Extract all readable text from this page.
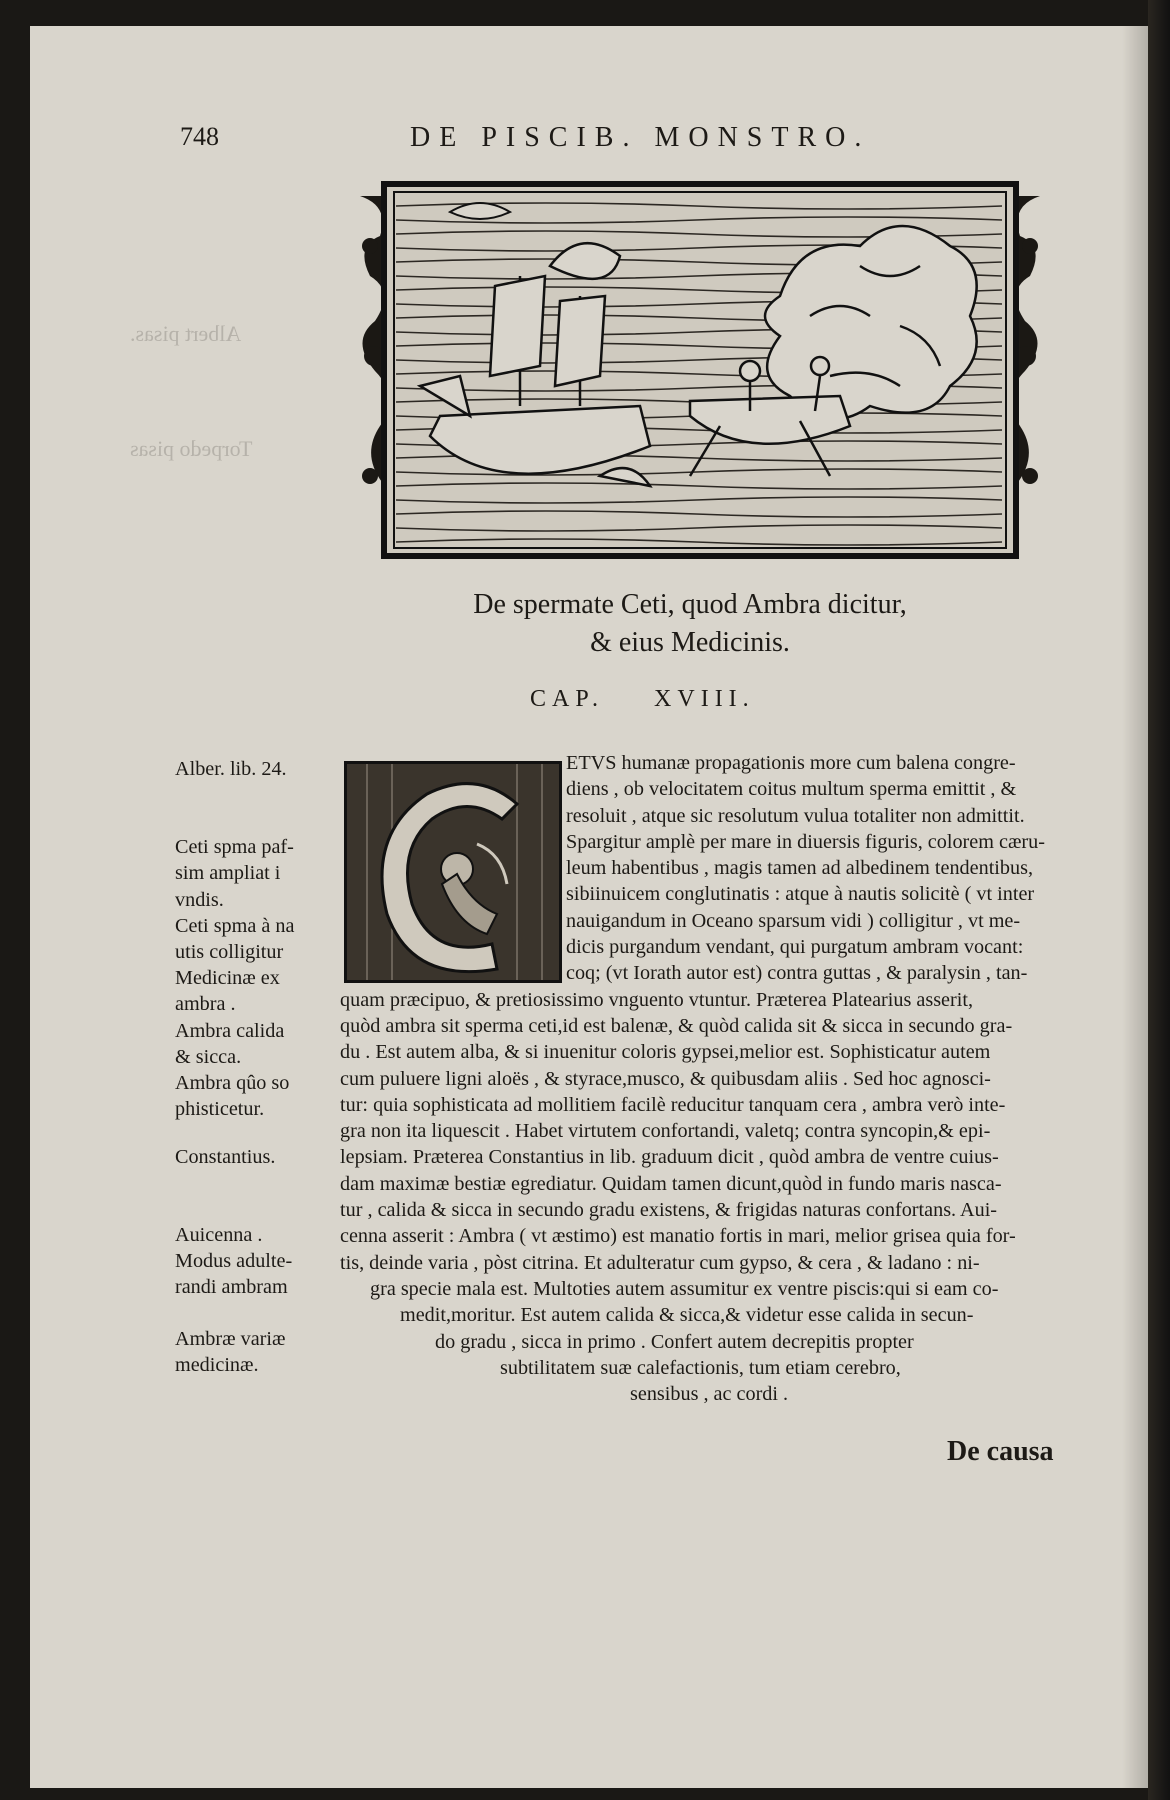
Albert pisas.
Torpedo pisas
748	DE PISCIB. MONSTRO.
De spermate Ceti, quod Ambra dicitur,
& eius Medicinis.
CAP. XVIII.
ETVS humanæ propagationis more cum balena congre-
diens , ob velocitatem coitus multum sperma emittit , &
resoluit , atque sic resolutum vulua totaliter non admittit.
Spargitur amplè per mare in diuersis figuris, colorem cæru-
leum habentibus , magis tamen ad albedinem tendentibus,
sibiinuicem conglutinatis : atque à nautis solicitè ( vt inter
nauigandum in Oceano sparsum vidi ) colligitur , vt me-
dicis purgandum vendant, qui purgatum ambram vocant:
coq; (vt Iorath autor est) contra guttas , & paralysin , tan-
quam præcipuo, & pretiosissimo vnguento vtuntur. Præterea Platearius asserit,
quòd ambra sit sperma ceti,id est balenæ, & quòd calida sit & sicca in secundo gra-
du . Est autem alba, & si inuenitur coloris gypsei,melior est. Sophisticatur autem
cum puluere ligni aloës , & styrace,musco, & quibusdam aliis . Sed hoc agnosci-
tur: quia sophisticata ad mollitiem facilè reducitur tanquam cera , ambra verò inte-
gra non ita liquescit . Habet virtutem confortandi, valetq; contra syncopin,& epi-
lepsiam. Præterea Constantius in lib. graduum dicit , quòd ambra de ventre cuius-
dam maximæ bestiæ egrediatur. Quidam tamen dicunt,quòd in fundo maris nasca-
tur , calida & sicca in secundo gradu existens, & frigidas naturas confortans. Aui-
cenna asserit : Ambra ( vt æstimo) est manatio fortis in mari, melior grisea quia for-
tis, deinde varia , pòst citrina. Et adulteratur cum gypso, & cera , & ladano : ni-
gra specie mala est. Multoties autem assumitur ex ventre piscis:qui si eam co-
medit,moritur. Est autem calida & sicca,& videtur esse calida in secun-
do gradu , sicca in primo . Confert autem decrepitis propter
subtilitatem suæ calefactionis, tum etiam cerebro,
sensibus , ac cordi .
Alber. lib. 24.
Ceti spma paf-
sim ampliat i
vndis.
Ceti spma à na
utis colligitur
Medicinæ ex
ambra .
Ambra calida
& sicca.
Ambra qûo so
phisticetur.
Constantius.
Auicenna .
Modus adulte-
randi ambram
Ambræ variæ
medicinæ.
De causa
